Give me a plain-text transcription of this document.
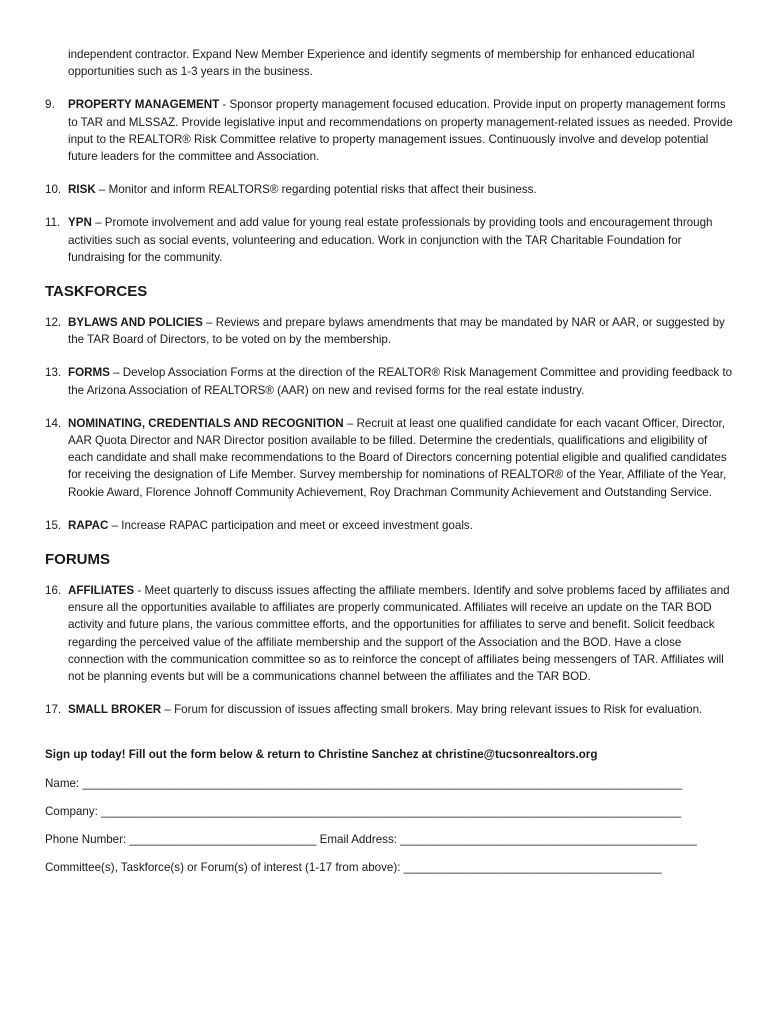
independent contractor. Expand New Member Experience and identify segments of membership for enhanced educational opportunities such as 1-3 years in the business.
9.	PROPERTY MANAGEMENT - Sponsor property management focused education. Provide input on property management forms to TAR and MLSSAZ. Provide legislative input and recommendations on property management-related issues as needed. Provide input to the REALTOR® Risk Committee relative to property management issues. Continuously involve and develop potential future leaders for the committee and Association.
10. RISK – Monitor and inform REALTORS® regarding potential risks that affect their business.
11. YPN – Promote involvement and add value for young real estate professionals by providing tools and encouragement through activities such as social events, volunteering and education. Work in conjunction with the TAR Charitable Foundation for fundraising for the community.
TASKFORCES
12. BYLAWS AND POLICIES – Reviews and prepare bylaws amendments that may be mandated by NAR or AAR, or suggested by the TAR Board of Directors, to be voted on by the membership.
13. FORMS – Develop Association Forms at the direction of the REALTOR® Risk Management Committee and providing feedback to the Arizona Association of REALTORS® (AAR) on new and revised forms for the real estate industry.
14. NOMINATING, CREDENTIALS AND RECOGNITION – Recruit at least one qualified candidate for each vacant Officer, Director, AAR Quota Director and NAR Director position available to be filled. Determine the credentials, qualifications and eligibility of each candidate and shall make recommendations to the Board of Directors concerning potential eligible and qualified candidates for receiving the designation of Life Member. Survey membership for nominations of REALTOR® of the Year, Affiliate of the Year, Rookie Award, Florence Johnoff Community Achievement, Roy Drachman Community Achievement and Outstanding Service.
15. RAPAC – Increase RAPAC participation and meet or exceed investment goals.
FORUMS
16. AFFILIATES - Meet quarterly to discuss issues affecting the affiliate members. Identify and solve problems faced by affiliates and ensure all the opportunities available to affiliates are properly communicated. Affiliates will receive an update on the TAR BOD activity and future plans, the various committee efforts, and the opportunities for affiliates to serve and benefit. Solicit feedback regarding the perceived value of the affiliate membership and the support of the Association and the BOD. Have a close connection with the communication committee so as to reinforce the concept of affiliates being messengers of TAR. Affiliates will not be planning events but will be a communications channel between the affiliates and the TAR BOD.
17. SMALL BROKER – Forum for discussion of issues affecting small brokers. May bring relevant issues to Risk for evaluation.
Sign up today! Fill out the form below & return to Christine Sanchez at christine@tucsonrealtors.org
Name: _____________________________________________________________________________________________
Company: __________________________________________________________________________________________
Phone Number: _____________________________ Email Address: ______________________________________________
Committee(s), Taskforce(s) or Forum(s) of interest (1-17 from above): ________________________________________
